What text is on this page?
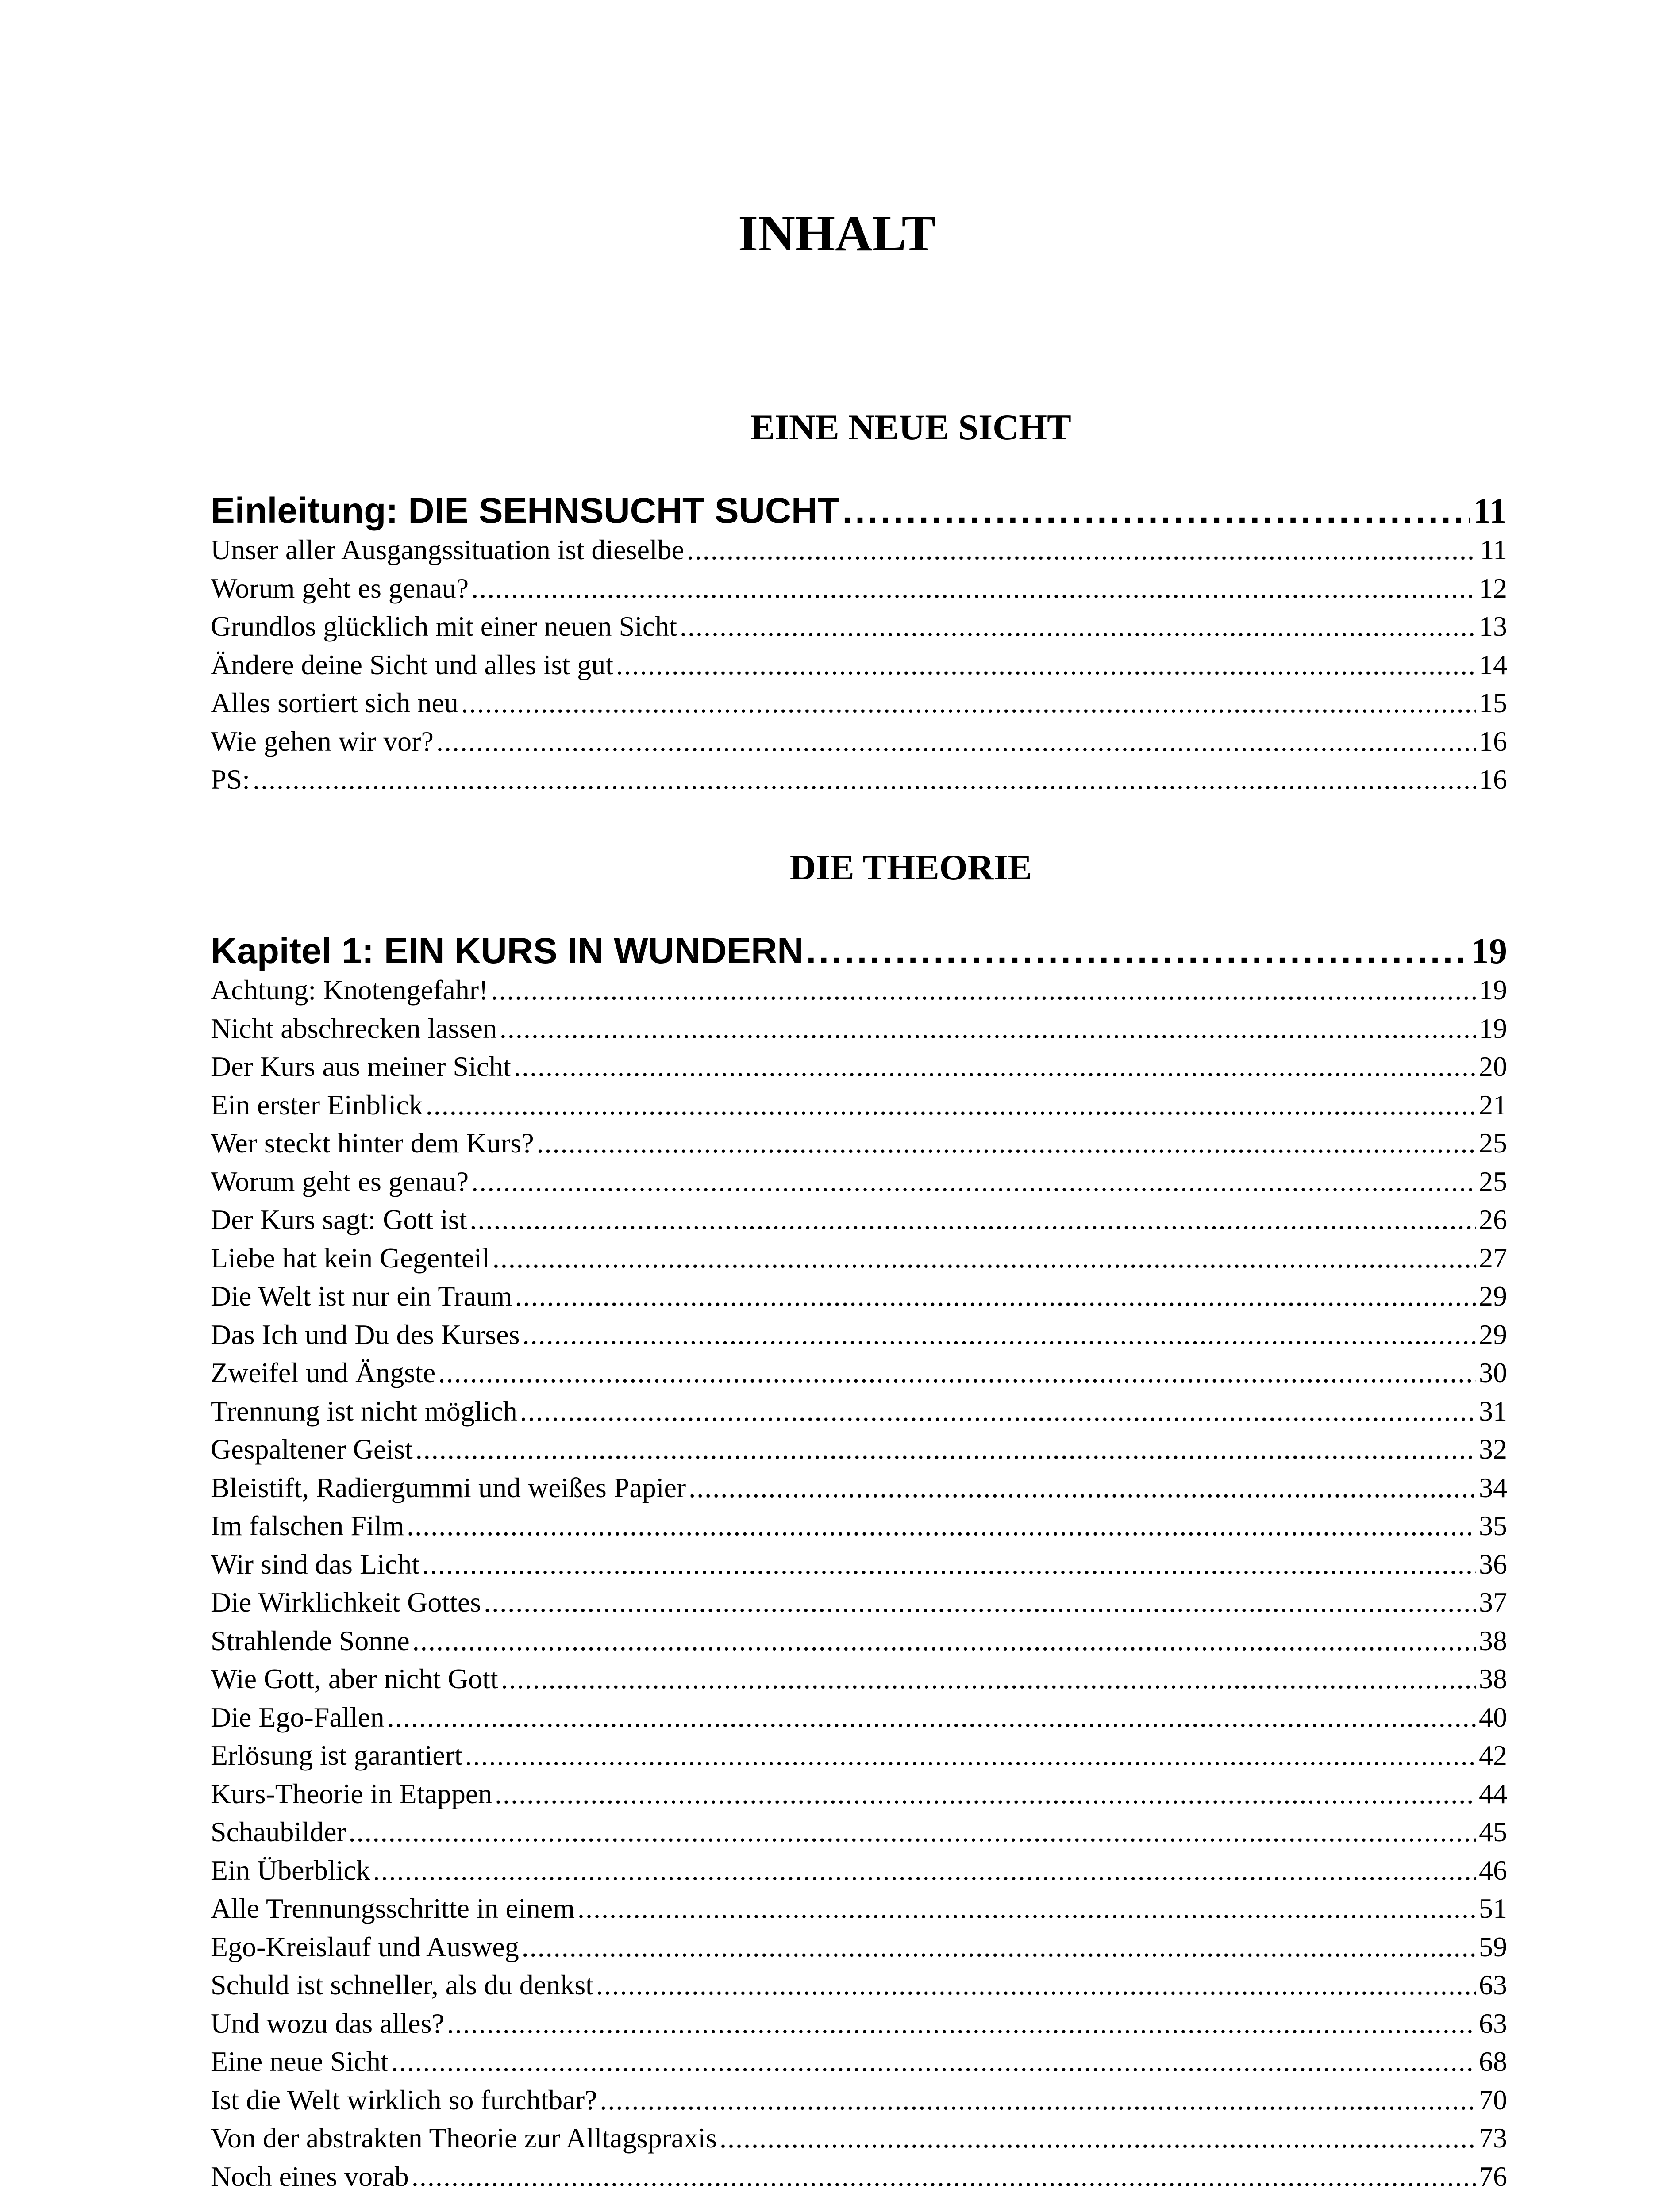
INHALT
EINE NEUE SICHT
Einleitung: DIE SEHNSUCHT SUCHT .....	11
Unser aller Ausgangssituation ist dieselbe .....	11
Worum geht es genau? .....	12
Grundlos glücklich mit einer neuen Sicht .....	13
Ändere deine Sicht und alles ist gut .....	14
Alles sortiert sich neu .....	15
Wie gehen wir vor? .....	16
PS: .....	16
DIE THEORIE
Kapitel 1: EIN KURS IN WUNDERN .....	19
Achtung: Knotengefahr! .....	19
Nicht abschrecken lassen .....	19
Der Kurs aus meiner Sicht .....	20
Ein erster Einblick .....	21
Wer steckt hinter dem Kurs? .....	25
Worum geht es genau? .....	25
Der Kurs sagt: Gott ist .....	26
Liebe hat kein Gegenteil .....	27
Die Welt ist nur ein Traum .....	29
Das Ich und Du des Kurses .....	29
Zweifel und Ängste .....	30
Trennung ist nicht möglich .....	31
Gespaltener Geist .....	32
Bleistift, Radiergummi und weißes Papier .....	34
Im falschen Film .....	35
Wir sind das Licht .....	36
Die Wirklichkeit Gottes .....	37
Strahlende Sonne .....	38
Wie Gott, aber nicht Gott .....	38
Die Ego-Fallen .....	40
Erlösung ist garantiert .....	42
Kurs-Theorie in Etappen .....	44
Schaubilder .....	45
Ein Überblick .....	46
Alle Trennungsschritte in einem .....	51
Ego-Kreislauf und Ausweg .....	59
Schuld ist schneller, als du denkst .....	63
Und wozu das alles? .....	63
Eine neue Sicht .....	68
Ist die Welt wirklich so furchtbar? .....	70
Von der abstrakten Theorie zur Alltagspraxis .....	73
Noch eines vorab .....	76
